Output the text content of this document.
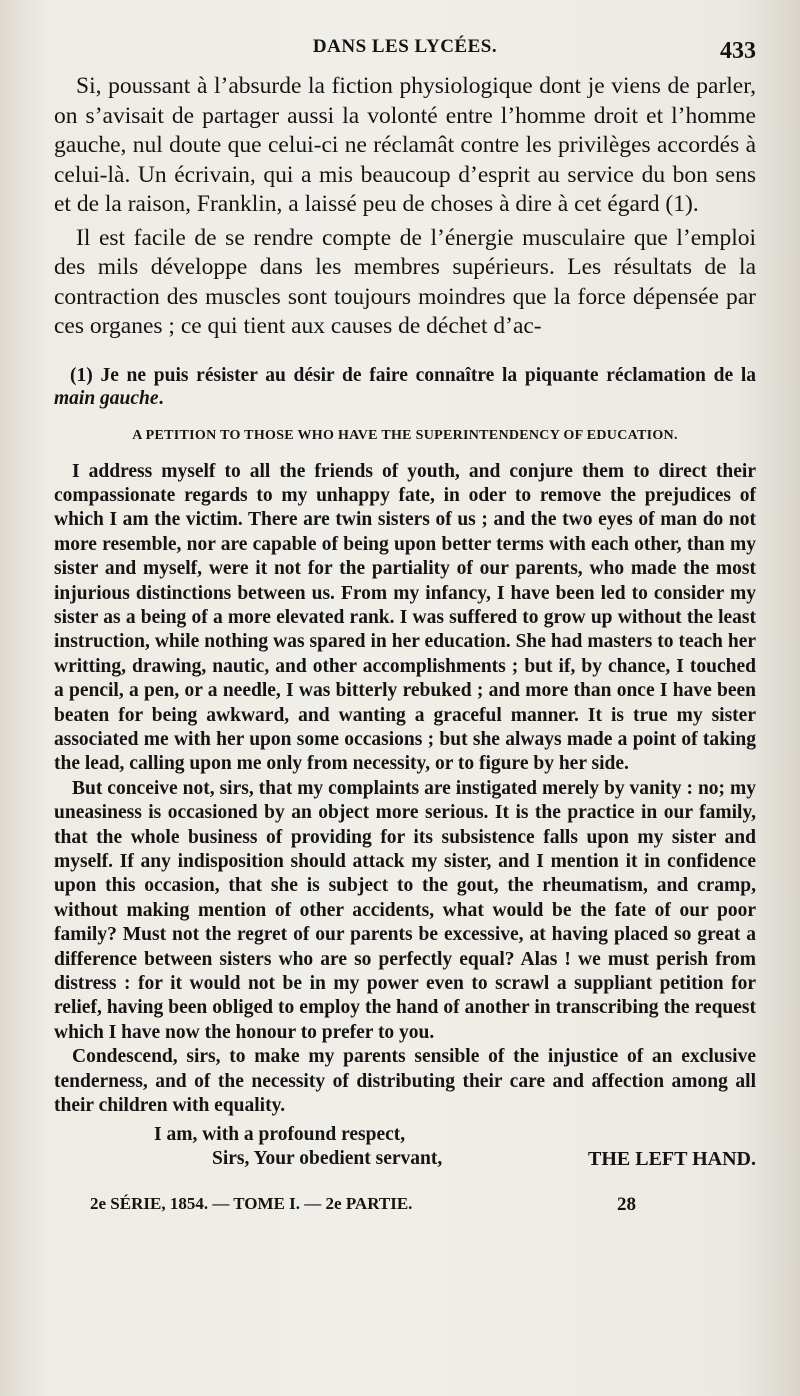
DANS LES LYCÉES.	433

Si, poussant à l’absurde la fiction physiologique dont je viens de parler, on s’avisait de partager aussi la volonté entre l’homme droit et l’homme gauche, nul doute que celui-ci ne réclamât contre les privilèges accordés à celui-là. Un écrivain, qui a mis beaucoup d’esprit au service du bon sens et de la raison, Franklin, a laissé peu de choses à dire à cet égard (1).

Il est facile de se rendre compte de l’énergie musculaire que l’emploi des mils développe dans les membres supérieurs. Les résultats de la contraction des muscles sont toujours moindres que la force dépensée par ces organes ; ce qui tient aux causes de déchet d’ac-

(1) Je ne puis résister au désir de faire connaître la piquante réclamation de la main gauche.

A PETITION TO THOSE WHO HAVE THE SUPERINTENDENCY OF EDUCATION.

I address myself to all the friends of youth, and conjure them to direct their compassionate regards to my unhappy fate, in oder to remove the prejudices of which I am the victim. There are twin sisters of us ; and the two eyes of man do not more resemble, nor are capable of being upon better terms with each other, than my sister and myself, were it not for the partiality of our parents, who made the most injurious distinctions between us. From my infancy, I have been led to consider my sister as a being of a more elevated rank. I was suffered to grow up without the least instruction, while nothing was spared in her education. She had masters to teach her writting, drawing, nautic, and other accomplishments ; but if, by chance, I touched a pencil, a pen, or a needle, I was bitterly rebuked ; and more than once I have been beaten for being awkward, and wanting a graceful manner. It is true my sister associated me with her upon some occasions ; but she always made a point of taking the lead, calling upon me only from necessity, or to figure by her side.

But conceive not, sirs, that my complaints are instigated merely by vanity : no; my uneasiness is occasioned by an object more serious. It is the practice in our family, that the whole business of providing for its subsistence falls upon my sister and myself. If any indisposition should attack my sister, and I mention it in confidence upon this occasion, that she is subject to the gout, the rheumatism, and cramp, without making mention of other accidents, what would be the fate of our poor family? Must not the regret of our parents be excessive, at having placed so great a difference between sisters who are so perfectly equal? Alas ! we must perish from distress : for it would not be in my power even to scrawl a suppliant petition for relief, having been obliged to employ the hand of another in transcribing the request which I have now the honour to prefer to you.

Condescend, sirs, to make my parents sensible of the injustice of an exclusive tenderness, and of the necessity of distributing their care and affection among all their children with equality.

I am, with a profound respect,
Sirs, Your obedient servant,	THE LEFT HAND.
2e SÉRIE, 1854. — TOME I. — 2e PARTIE.	28
